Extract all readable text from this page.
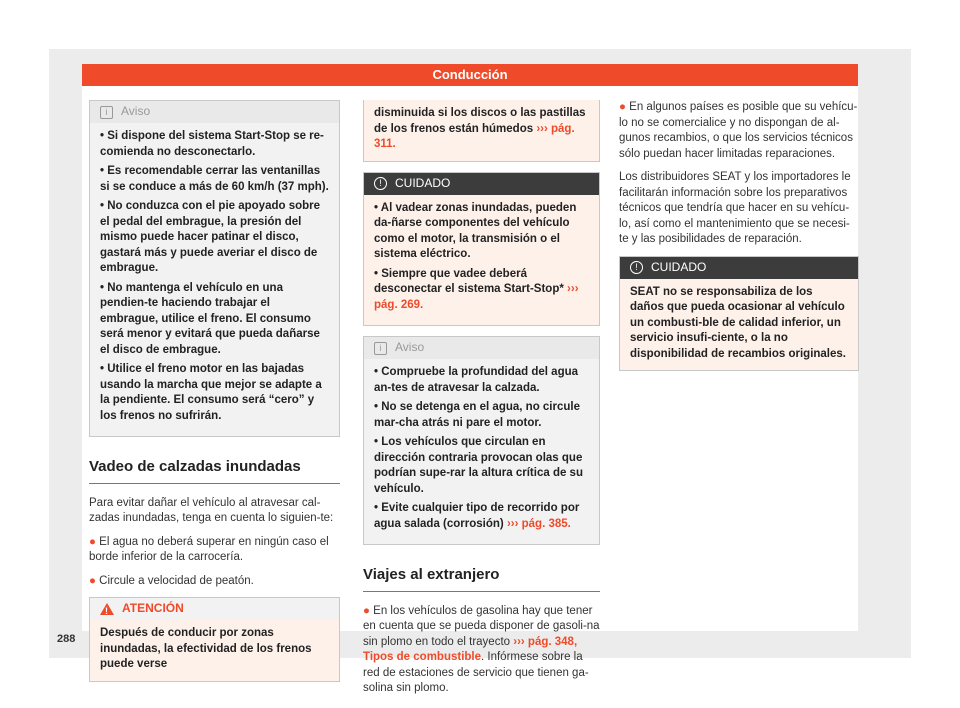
Conducción
i	Aviso

• Si dispone del sistema Start-Stop se re-comienda no desconectarlo.

• Es recomendable cerrar las ventanillas si se conduce a más de 60 km/h (37 mph).

• No conduzca con el pie apoyado sobre el pedal del embrague, la presión del mismo puede hacer patinar el disco, gastará más y puede averiar el disco de embrague.

• No mantenga el vehículo en una pendien-te haciendo trabajar el embrague, utilice el freno. El consumo será menor y evitará que pueda dañarse el disco de embrague.

• Utilice el freno motor en las bajadas usando la marcha que mejor se adapte a la pendiente. El consumo será “cero” y los frenos no sufrirán.

Vadeo de calzadas inundadas

Para evitar dañar el vehículo al atravesar cal-zadas inundadas, tenga en cuenta lo siguien-te:

● El agua no deberá superar en ningún caso el borde inferior de la carrocería.

● Circule a velocidad de peatón.

! ATENCIÓN
Después de conducir por zonas inundadas, la efectividad de los frenos puede verse
disminuida si los discos o las pastillas de los frenos están húmedos ››› pág. 311.
!	CUIDADO

• Al vadear zonas inundadas, pueden da-ñarse componentes del vehículo como el motor, la transmisión o el sistema eléctrico.

• Siempre que vadee deberá desconectar el sistema Start-Stop* ››› pág. 269.

i	Aviso

• Compruebe la profundidad del agua an-tes de atravesar la calzada.

• No se detenga en el agua, no circule mar-cha atrás ni pare el motor.

• Los vehículos que circulan en dirección contraria provocan olas que podrían supe-rar la altura crítica de su vehículo.

• Evite cualquier tipo de recorrido por agua salada (corrosión) ››› pág. 385.

Viajes al extranjero

● En los vehículos de gasolina hay que tener en cuenta que se pueda disponer de gasoli-na sin plomo en todo el trayecto ››› pág. 348, Tipos de combustible. Infórmese sobre la red de estaciones de servicio que tienen ga-solina sin plomo.

● En algunos países es posible que su vehícu-lo no se comercialice y no dispongan de al-gunos recambios, o que los servicios técnicos sólo puedan hacer limitadas reparaciones.

Los distribuidores SEAT y los importadores le facilitarán información sobre los preparativos técnicos que tendría que hacer en su vehícu-lo, así como el mantenimiento que se necesi-te y las posibilidades de reparación.

!	CUIDADO
SEAT no se responsabiliza de los daños que pueda ocasionar al vehículo un combusti-ble de calidad inferior, un servicio insufi-ciente, o la no disponibilidad de recambios originales.
288
